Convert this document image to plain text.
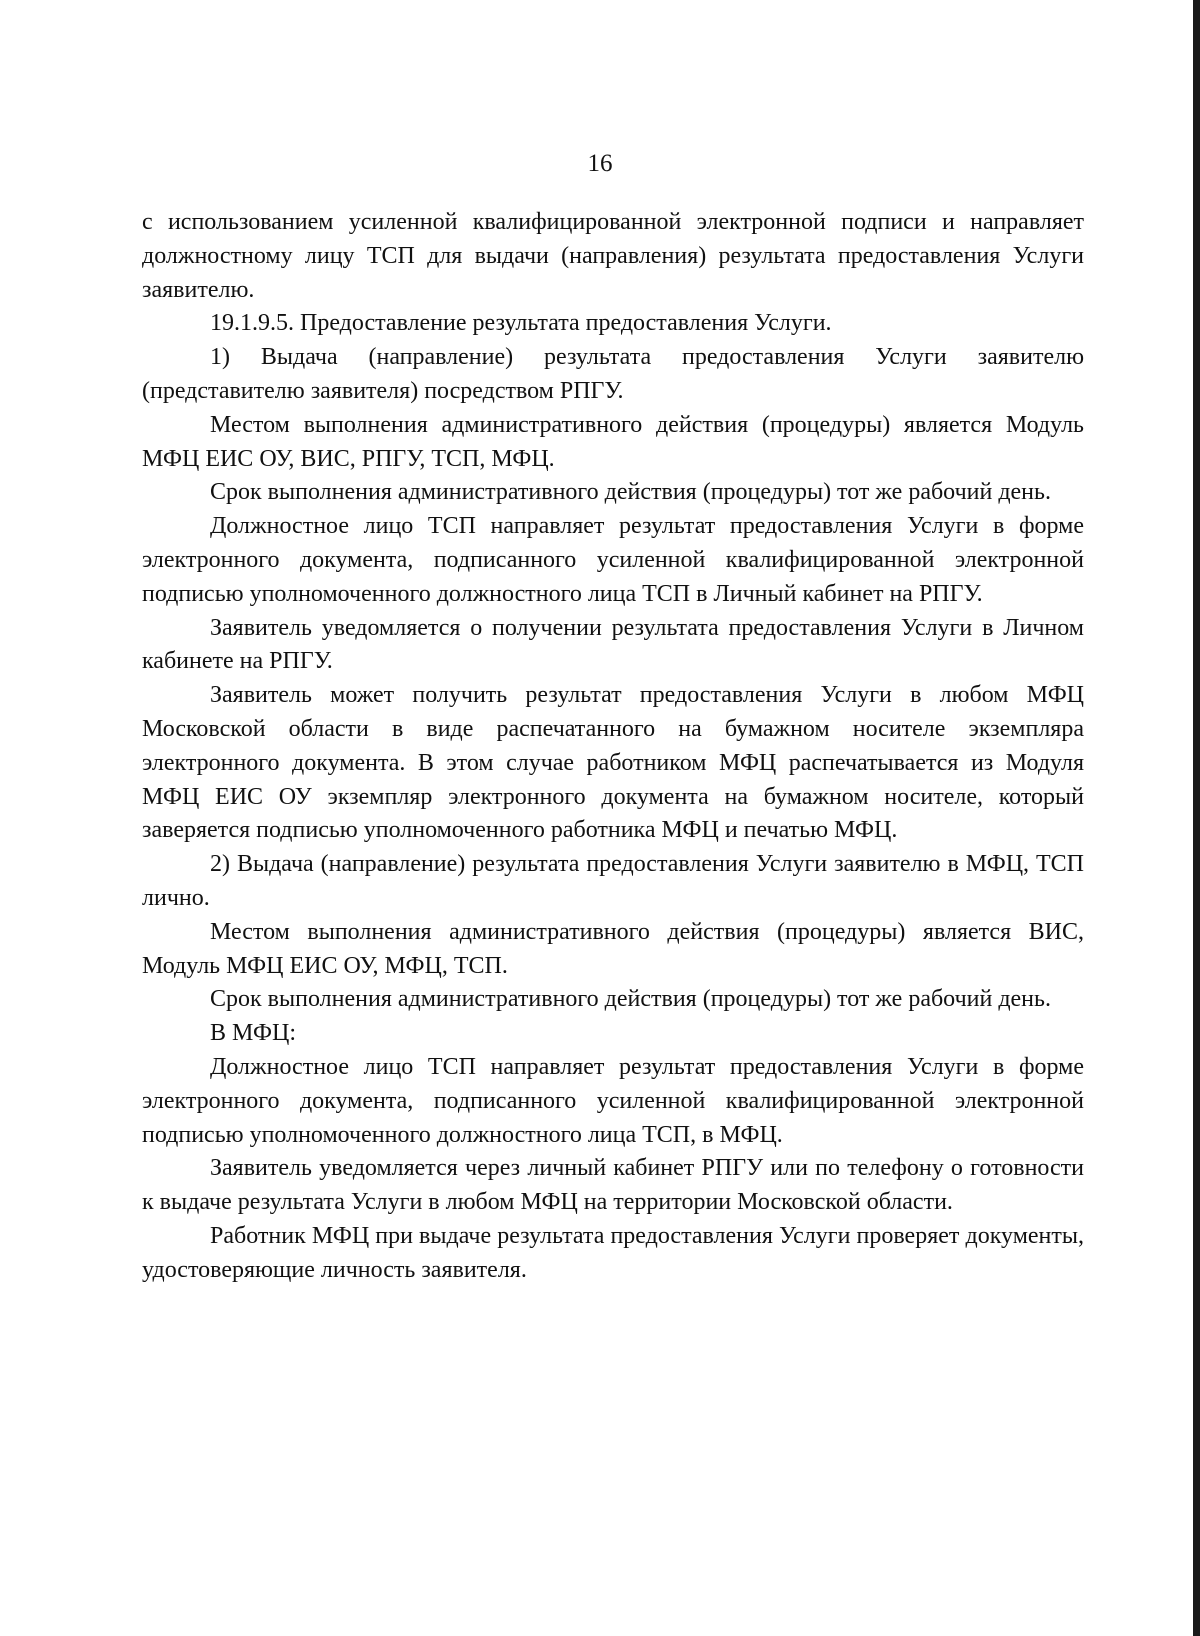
16

с использованием усиленной квалифицированной электронной подписи и направляет должностному лицу ТСП для выдачи (направления) результата предоставления Услуги заявителю.

19.1.9.5. Предоставление результата предоставления Услуги.

1) Выдача (направление) результата предоставления Услуги заявителю (представителю заявителя) посредством РПГУ.

Местом выполнения административного действия (процедуры) является Модуль МФЦ ЕИС ОУ, ВИС, РПГУ, ТСП, МФЦ.

Срок выполнения административного действия (процедуры) тот же рабочий день.

Должностное лицо ТСП направляет результат предоставления Услуги в форме электронного документа, подписанного усиленной квалифицированной электронной подписью уполномоченного должностного лица ТСП в Личный кабинет на РПГУ.

Заявитель уведомляется о получении результата предоставления Услуги в Личном кабинете на РПГУ.

Заявитель может получить результат предоставления Услуги в любом МФЦ Московской области в виде распечатанного на бумажном носителе экземпляра электронного документа. В этом случае работником МФЦ распечатывается из Модуля МФЦ ЕИС ОУ экземпляр электронного документа на бумажном носителе, который заверяется подписью уполномоченного работника МФЦ и печатью МФЦ.

2) Выдача (направление) результата предоставления Услуги заявителю в МФЦ, ТСП лично.

Местом выполнения административного действия (процедуры) является ВИС, Модуль МФЦ ЕИС ОУ, МФЦ, ТСП.

Срок выполнения административного действия (процедуры) тот же рабочий день.

В МФЦ:

Должностное лицо ТСП направляет результат предоставления Услуги в форме электронного документа, подписанного усиленной квалифицированной электронной подписью уполномоченного должностного лица ТСП, в МФЦ.

Заявитель уведомляется через личный кабинет РПГУ или по телефону о готовности к выдаче результата Услуги в любом МФЦ на территории Московской области.

Работник МФЦ при выдаче результата предоставления Услуги проверяет документы, удостоверяющие личность заявителя.
